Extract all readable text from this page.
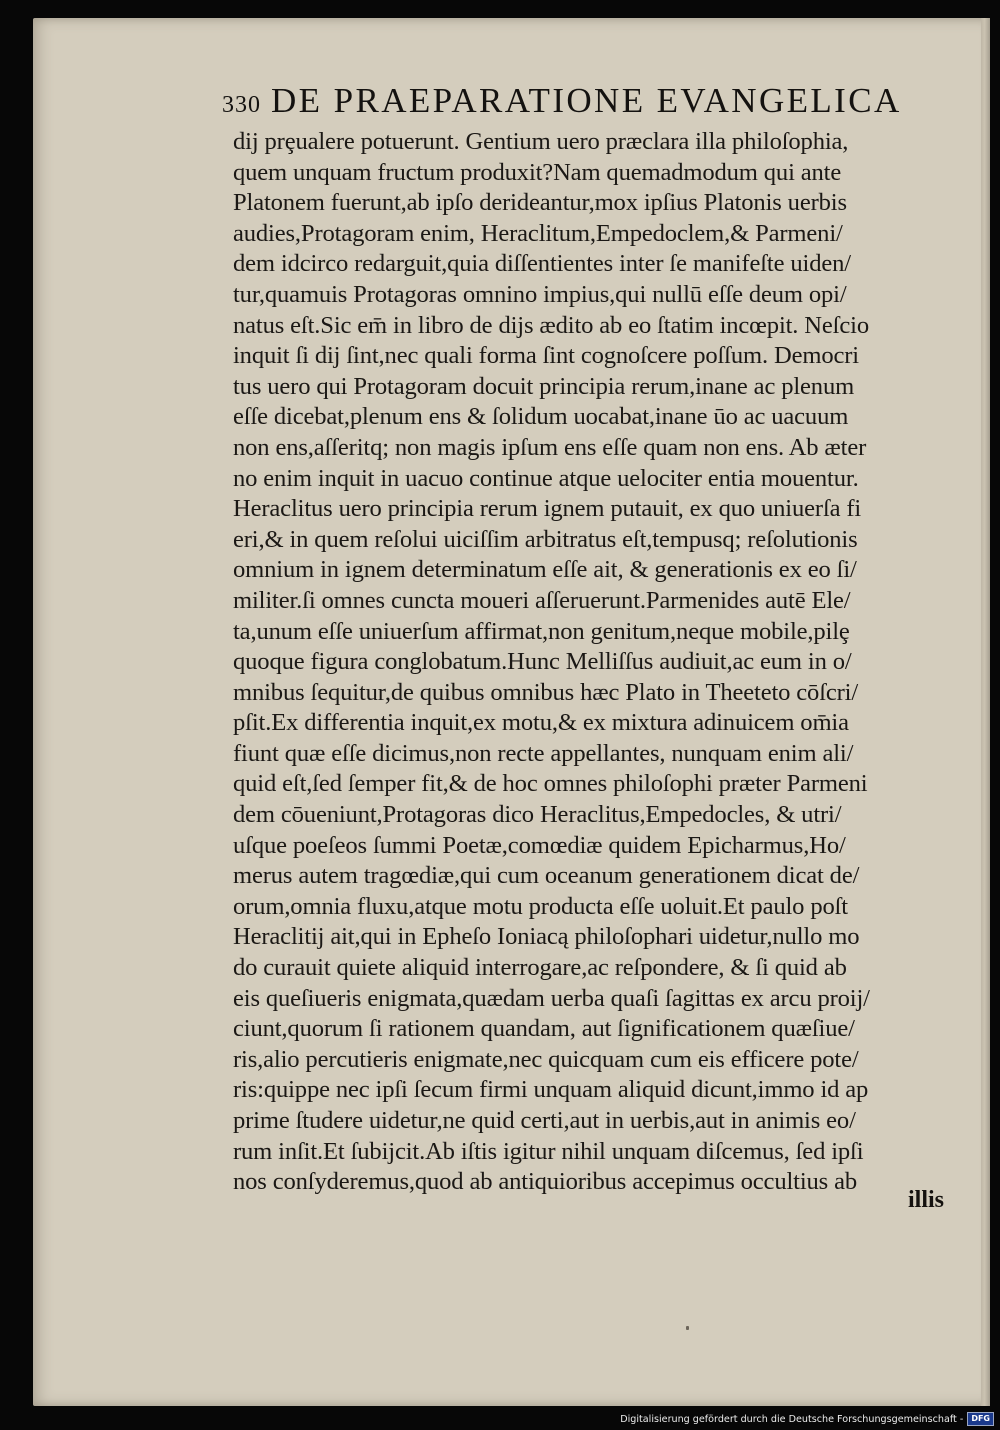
330 DE PRAEPARATIONE EVANGELICA
dij prȩualere potuerunt. Gentium uero præclara illa philoſophia,
quem unquam fructum produxit?Nam quemadmodum qui ante
Platonem fuerunt,ab ipſo derideantur,mox ipſius Platonis uerbis
audies,Protagoram enim, Heraclitum,Empedoclem,& Parmeni/
dem idcirco redarguit,quia diſſentientes inter ſe manifeſte uiden/
tur,quamuis Protagoras omnino impius,qui nullū eſſe deum opi/
natus eſt.Sic em̄ in libro de dijs ædito ab eo ſtatim incœpit. Neſcio
inquit ſi dij ſint,nec quali forma ſint cognoſcere poſſum. Democri
tus uero qui Protagoram docuit principia rerum,inane ac plenum
eſſe dicebat,plenum ens & ſolidum uocabat,inane ūo ac uacuum
non ens,aſſeritq; non magis ipſum ens eſſe quam non ens. Ab æter
no enim inquit in uacuo continue atque uelociter entia mouentur.
Heraclitus uero principia rerum ignem putauit, ex quo uniuerſa fi
eri,& in quem reſolui uiciſſim arbitratus eſt,tempusq; reſolutionis
omnium in ignem determinatum eſſe ait, & generationis ex eo ſi/
militer.ſi omnes cuncta moueri aſſeruerunt.Parmenides autē Ele/
ta,unum eſſe uniuerſum affirmat,non genitum,neque mobile,pilȩ
quoque figura conglobatum.Hunc Melliſſus audiuit,ac eum in o/
mnibus ſequitur,de quibus omnibus hæc Plato in Theeteto cōſcri/
pſit.Ex differentia inquit,ex motu,& ex mixtura adinuicem om̄ia
fiunt quæ eſſe dicimus,non recte appellantes, nunquam enim ali/
quid eſt,ſed ſemper fit,& de hoc omnes philoſophi præter Parmeni
dem cōueniunt,Protagoras dico Heraclitus,Empedocles, & utri/
uſque poeſeos ſummi Poetæ,comœdiæ quidem Epicharmus,Ho/
merus autem tragœdiæ,qui cum oceanum generationem dicat de/
orum,omnia fluxu,atque motu producta eſſe uoluit.Et paulo poſt
Heraclitij ait,qui in Epheſo Ioniacą philoſophari uidetur,nullo mo
do curauit quiete aliquid interrogare,ac reſpondere, & ſi quid ab
eis queſiueris enigmata,quædam uerba quaſi ſagittas ex arcu proij/
ciunt,quorum ſi rationem quandam, aut ſignificationem quæſiue/
ris,alio percutieris enigmate,nec quicquam cum eis efficere pote/
ris:quippe nec ipſi ſecum firmi unquam aliquid dicunt,immo id ap
prime ſtudere uidetur,ne quid certi,aut in uerbis,aut in animis eo/
rum inſit.Et ſubijcit.Ab iſtis igitur nihil unquam diſcemus, ſed ipſi
nos conſyderemus,quod ab antiquioribus accepimus occultius ab
illis
Digitalisierung gefördert durch die Deutsche Forschungsgemeinschaft -	DFG
